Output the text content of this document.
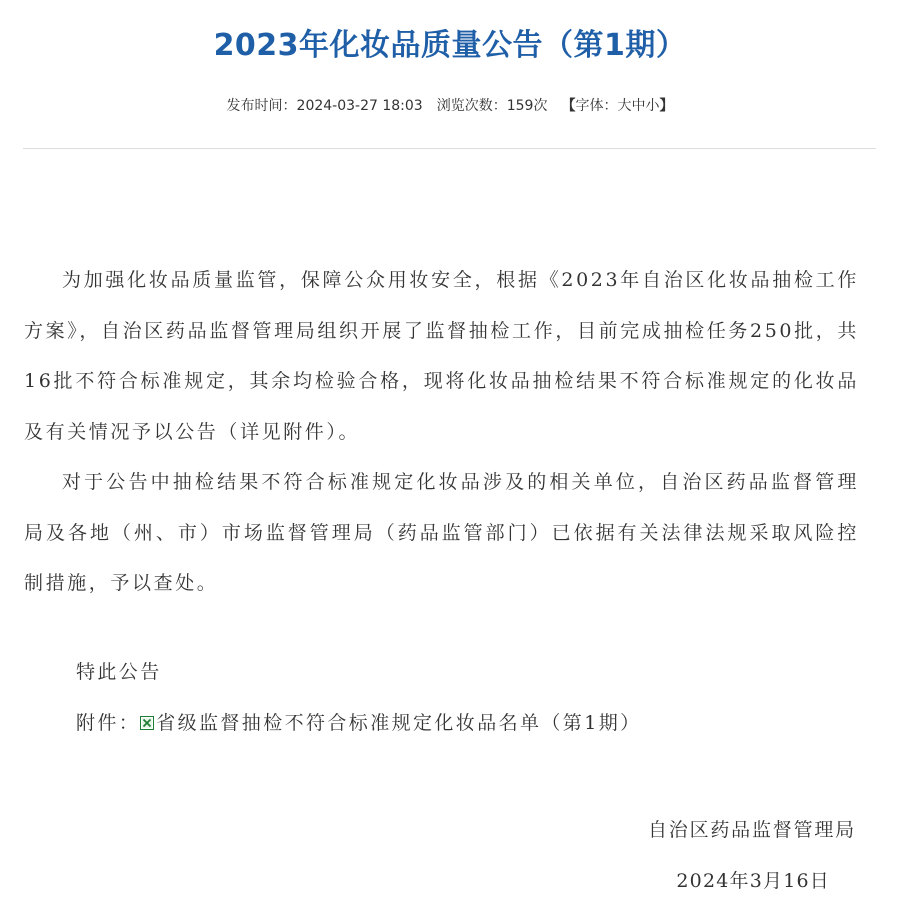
2023年化妆品质量公告（第1期）
发布时间：2024-03-27 18:03 浏览次数：159次 【字体：大中小】

为加强化妆品质量监管，保障公众用妆安全，根据《2023年自治区化妆品抽检工作方案》，自治区药品监督管理局组织开展了监督抽检工作，目前完成抽检任务250批，共16批不符合标准规定，其余均检验合格，现将化妆品抽检结果不符合标准规定的化妆品及有关情况予以公告（详见附件）。

对于公告中抽检结果不符合标准规定化妆品涉及的相关单位，自治区药品监督管理局及各地（州、市）市场监督管理局（药品监管部门）已依据有关法律法规采取风险控制措施，予以查处。

特此公告
附件： 省级监督抽检不符合标准规定化妆品名单（第1期）
自治区药品监督管理局
2024年3月16日
